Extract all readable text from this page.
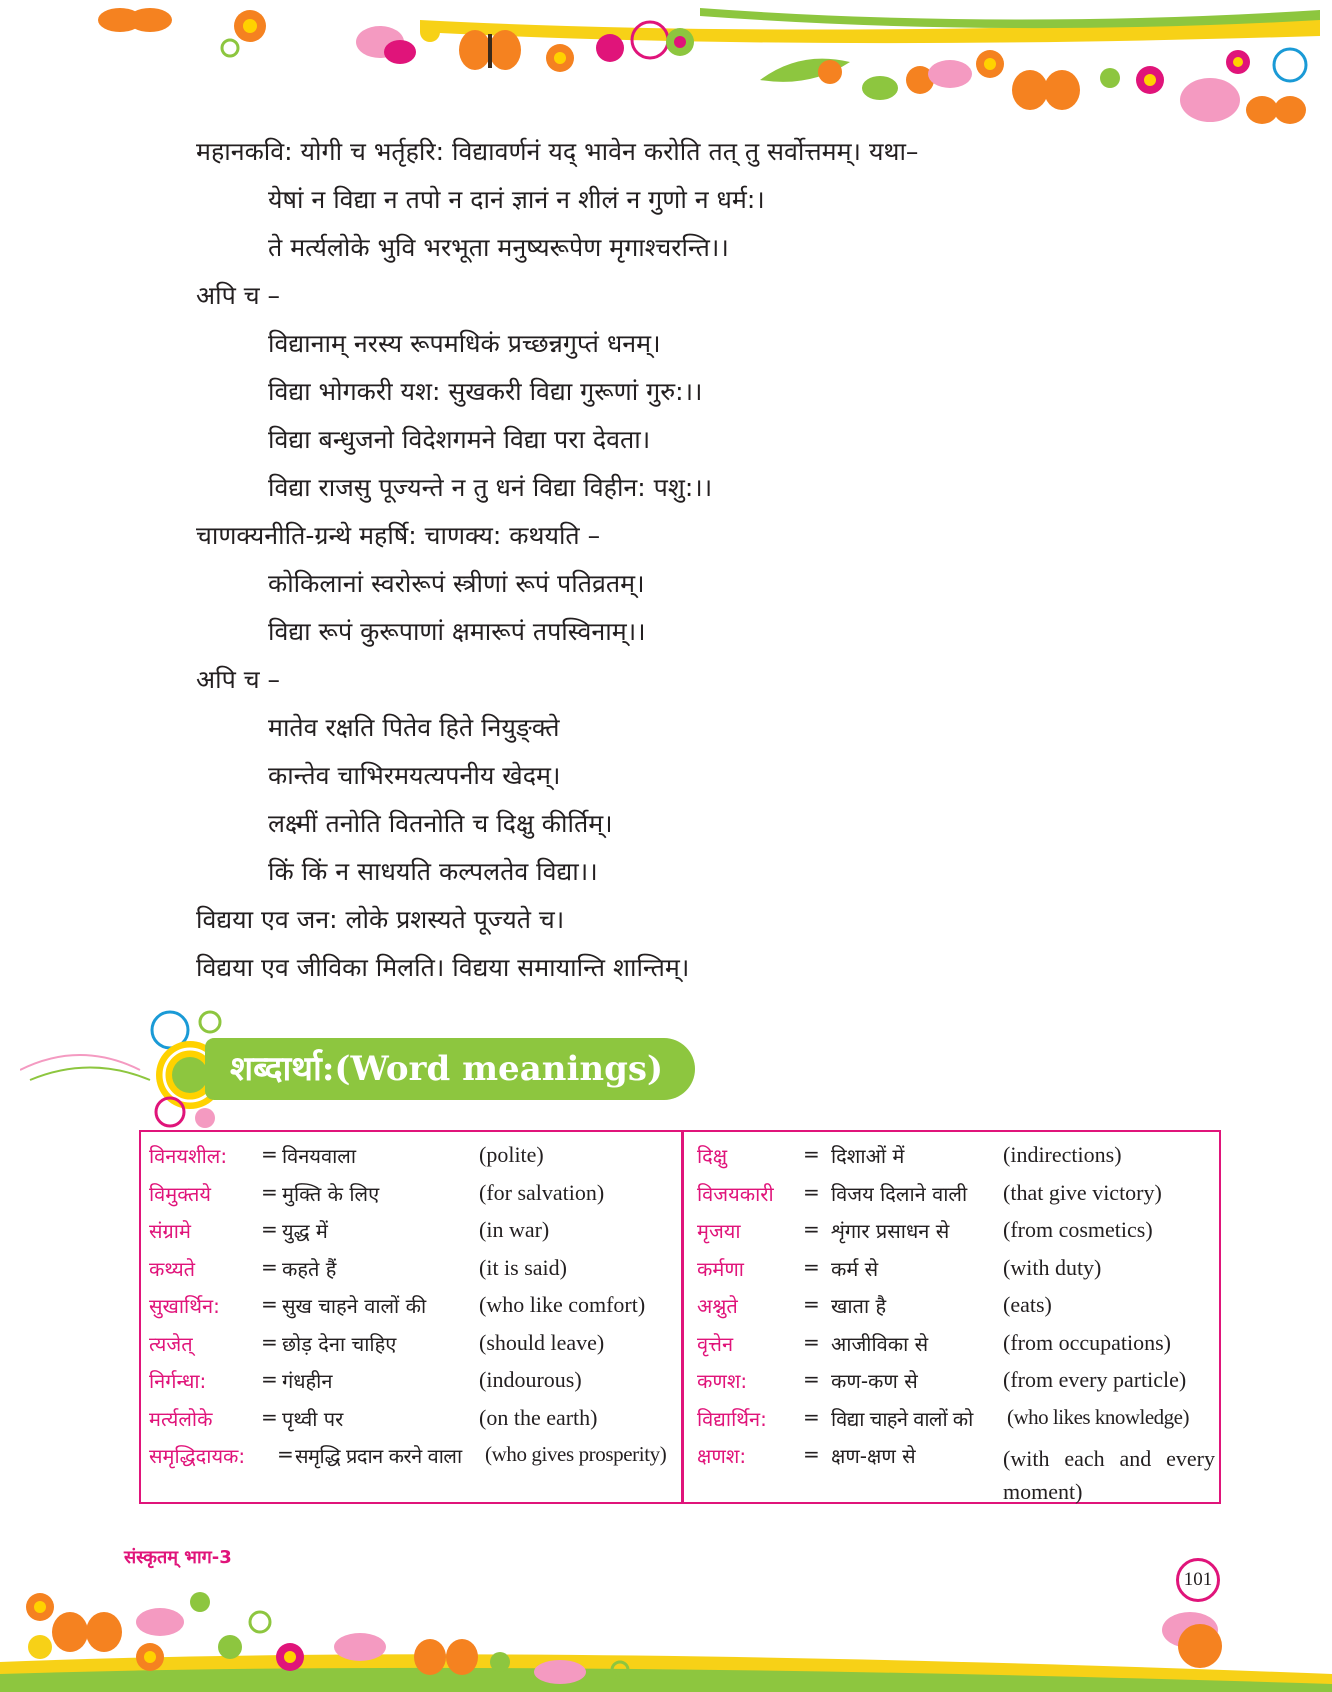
महानकवि: योगी च भर्तृहरि: विद्यावर्णनं यद् भावेन करोति तत् तु सर्वोत्तमम्। यथा–
येषां न विद्या न तपो न दानं ज्ञानं न शीलं न गुणो न धर्म:।
ते मर्त्यलोके भुवि भरभूता मनुष्यरूपेण मृगाश्चरन्ति।।
अपि च –
विद्यानाम् नरस्य रूपमधिकं प्रच्छन्नगुप्तं धनम्।
विद्या भोगकरी यश: सुखकरी विद्या गुरूणां गुरु:।।
विद्या बन्धुजनो विदेशगमने विद्या परा देवता।
विद्या राजसु पूज्यन्ते न तु धनं विद्या विहीन: पशु:।।
चाणक्यनीति-ग्रन्थे महर्षि: चाणक्य: कथयति –
कोकिलानां स्वरोरूपं स्त्रीणां रूपं पतिव्रतम्।
विद्या रूपं कुरूपाणां क्षमारूपं तपस्विनाम्।।
अपि च –
मातेव रक्षति पितेव हिते नियुङ्क्ते
कान्तेव चाभिरमयत्यपनीय खेदम्।
लक्ष्मीं तनोति वितनोति च दिक्षु कीर्तिम्।
किं किं न साधयति कल्पलतेव विद्या।।
विद्यया एव जन: लोके प्रशस्यते पूज्यते च।
विद्यया एव जीविका मिलति। विद्यया समायान्ति शान्तिम्।
शब्दार्था:(Word meanings)
विनयशील: = विनयवाला	(polite)
विमुक्तये	= मुक्ति के लिए	(for salvation)
संग्रामे	= युद्ध में	(in war)
कथ्यते	= कहते हैं	(it is said)
सुखार्थिन: = सुख चाहने वालों की (who like comfort)
त्यजेत्	= छोड़ देना चाहिए	(should leave)
निर्गन्धा:	= गंधहीन	(indourous)
मर्त्यलोके = पृथ्वी पर	(on the earth)
समृद्धिदायक: = समृद्धि प्रदान करने वाला (who gives prosperity)
दिक्षु	= दिशाओं में	(indirections)
विजयकारी = विजय दिलाने वाली (that give victory)
मृजया	= शृंगार प्रसाधन से (from cosmetics)
कर्मणा	= कर्म से	(with duty)
अश्नुते	= खाता है	(eats)
वृत्तेन	= आजीविका से	(from occupations)
कणश:	= कण-कण से	(from every particle)
विद्यार्थिन: = विद्या चाहने वालों को (who likes knowledge)
क्षणश:	= क्षण-क्षण से	(with each and every moment)
संस्कृतम् भाग-3
101
